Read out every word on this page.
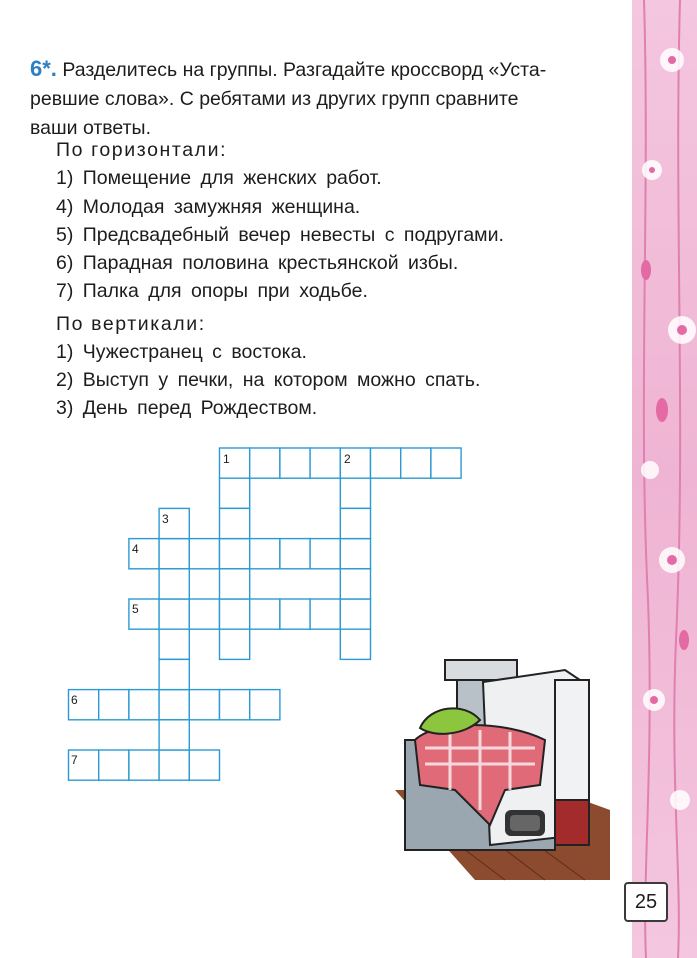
6*. Разделитесь на группы. Разгадайте кроссворд «Уста-
ревшие слова». С ребятами из других групп сравните
ваши ответы.
По горизонтали:
1) Помещение для женских работ.
4) Молодая замужняя женщина.
5) Предсвадебный вечер невесты с подругами.
6) Парадная половина крестьянской избы.
7) Палка для опоры при ходьбе.
По вертикали:
1) Чужестранец с востока.
2) Выступ у печки, на котором можно спать.
3) День перед Рождеством.
1	2
3
4
5
6
7
25
